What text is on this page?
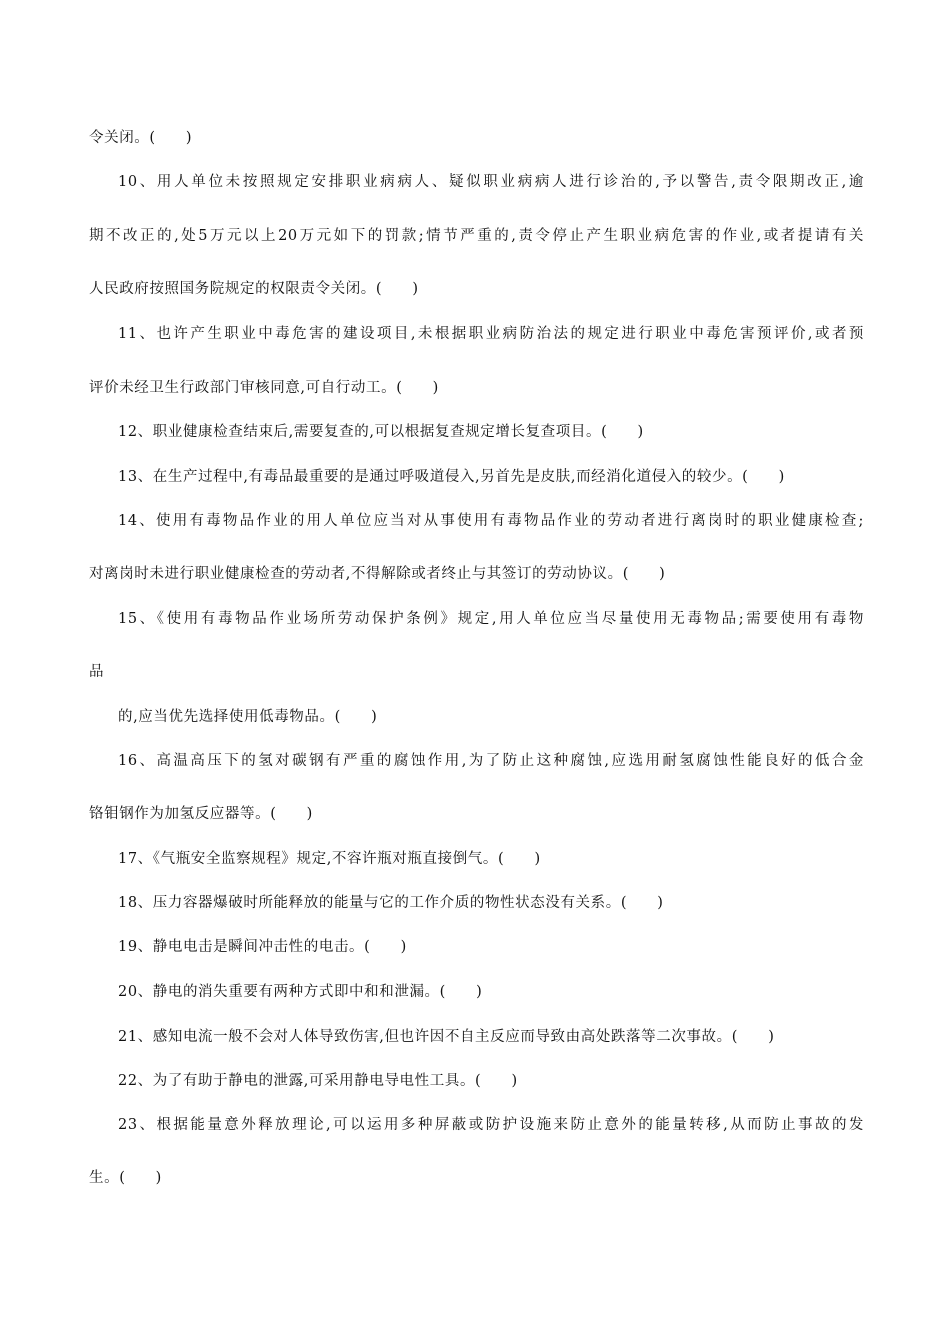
令关闭。(　　)
10、用人单位未按照规定安排职业病病人、疑似职业病病人进行诊治的,予以警告,责令限期改正,逾
期不改正的,处5万元以上20万元如下的罚款;情节严重的,责令停止产生职业病危害的作业,或者提请有关
人民政府按照国务院规定的权限责令关闭。(　　)
11、也许产生职业中毒危害的建设项目,未根据职业病防治法的规定进行职业中毒危害预评价,或者预
评价未经卫生行政部门审核同意,可自行动工。(　　)
12、职业健康检查结束后,需要复查的,可以根据复查规定增长复查项目。(　　)
13、在生产过程中,有毒品最重要的是通过呼吸道侵入,另首先是皮肤,而经消化道侵入的较少。(　　)
14、使用有毒物品作业的用人单位应当对从事使用有毒物品作业的劳动者进行离岗时的职业健康检查;
对离岗时未进行职业健康检查的劳动者,不得解除或者终止与其签订的劳动协议。(　　)
15、《使用有毒物品作业场所劳动保护条例》规定,用人单位应当尽量使用无毒物品;需要使用有毒物
品
的,应当优先选择使用低毒物品。(　　)
16、高温高压下的氢对碳钢有严重的腐蚀作用,为了防止这种腐蚀,应选用耐氢腐蚀性能良好的低合金
铬钼钢作为加氢反应器等。(　　)
17、《气瓶安全监察规程》规定,不容许瓶对瓶直接倒气。(　　)
18、压力容器爆破时所能释放的能量与它的工作介质的物性状态没有关系。(　　)
19、静电电击是瞬间冲击性的电击。(　　)
20、静电的消失重要有两种方式即中和和泄漏。(　　)
21、感知电流一般不会对人体导致伤害,但也许因不自主反应而导致由高处跌落等二次事故。(　　)
22、为了有助于静电的泄露,可采用静电导电性工具。(　　)
23、根据能量意外释放理论,可以运用多种屏蔽或防护设施来防止意外的能量转移,从而防止事故的发
生。(　　)
